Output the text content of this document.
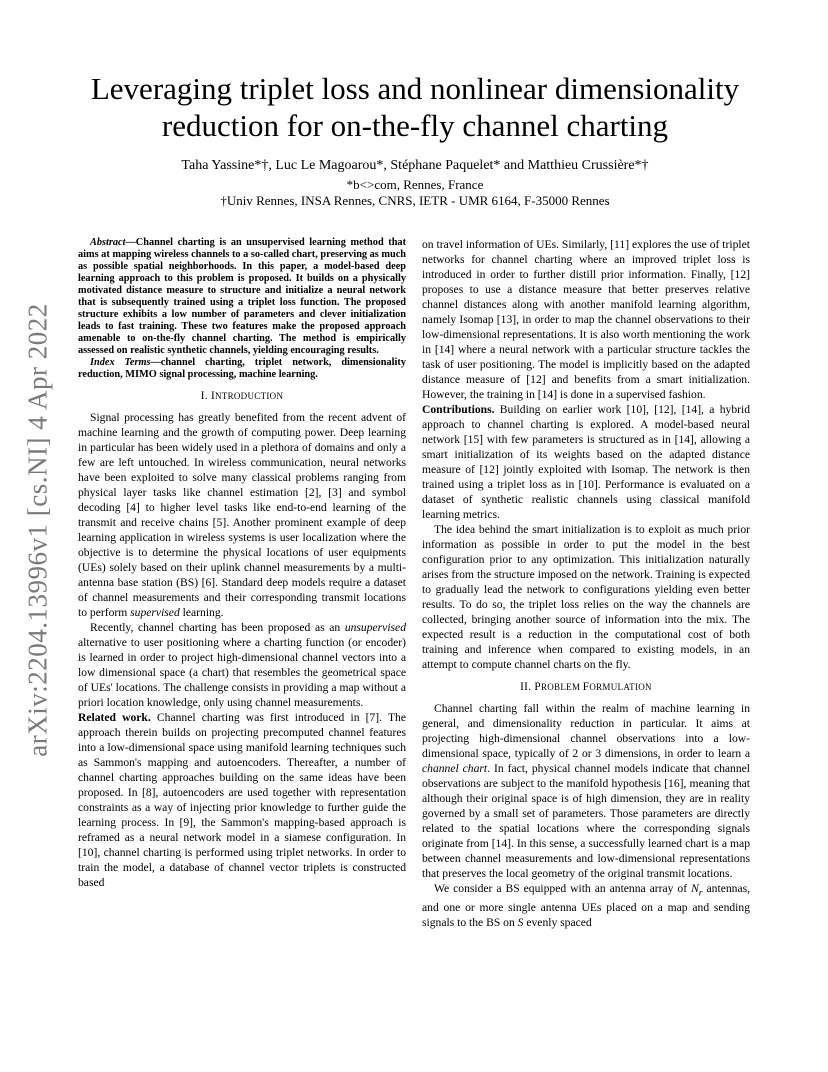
arXiv:2204.13996v1 [cs.NI] 4 Apr 2022
Leveraging triplet loss and nonlinear dimensionality
reduction for on-the-fly channel charting
Taha Yassine*†, Luc Le Magoarou*, Stéphane Paquelet* and Matthieu Crussière*†
*b<>com, Rennes, France
†Univ Rennes, INSA Rennes, CNRS, IETR - UMR 6164, F-35000 Rennes

Abstract—Channel charting is an unsupervised learning method that aims at mapping wireless channels to a so-called chart, preserving as much as possible spatial neighborhoods. In this paper, a model-based deep learning approach to this problem is proposed. It builds on a physically motivated distance measure to structure and initialize a neural network that is subsequently trained using a triplet loss function. The proposed structure exhibits a low number of parameters and clever initialization leads to fast training. These two features make the proposed approach amenable to on-the-fly channel charting. The method is empirically assessed on realistic synthetic channels, yielding encouraging results.

Index Terms—channel charting, triplet network, dimensionality reduction, MIMO signal processing, machine learning.

I. INTRODUCTION

Signal processing has greatly benefited from the recent advent of machine learning and the growth of computing power. Deep learning in particular has been widely used in a plethora of domains and only a few are left untouched. In wireless communication, neural networks have been exploited to solve many classical problems ranging from physical layer tasks like channel estimation [2], [3] and symbol decoding [4] to higher level tasks like end-to-end learning of the transmit and receive chains [5]. Another prominent example of deep learning application in wireless systems is user localization where the objective is to determine the physical locations of user equipments (UEs) solely based on their uplink channel measurements by a multi-antenna base station (BS) [6]. Standard deep models require a dataset of channel measurements and their corresponding transmit locations to perform supervised learning.

Recently, channel charting has been proposed as an unsupervised alternative to user positioning where a charting function (or encoder) is learned in order to project high-dimensional channel vectors into a low dimensional space (a chart) that resembles the geometrical space of UEs' locations. The challenge consists in providing a map without a priori location knowledge, only using channel measurements.

Related work. Channel charting was first introduced in [7]. The approach therein builds on projecting precomputed channel features into a low-dimensional space using manifold learning techniques such as Sammon's mapping and autoencoders. Thereafter, a number of channel charting approaches building on the same ideas have been proposed. In [8], autoencoders are used together with representation constraints as a way of injecting prior knowledge to further guide the learning process. In [9], the Sammon's mapping-based approach is reframed as a neural network model in a siamese configuration. In [10], channel charting is performed using triplet networks. In order to train the model, a database of channel vector triplets is constructed based

on travel information of UEs. Similarly, [11] explores the use of triplet networks for channel charting where an improved triplet loss is introduced in order to further distill prior information. Finally, [12] proposes to use a distance measure that better preserves relative channel distances along with another manifold learning algorithm, namely Isomap [13], in order to map the channel observations to their low-dimensional representations. It is also worth mentioning the work in [14] where a neural network with a particular structure tackles the task of user positioning. The model is implicitly based on the adapted distance measure of [12] and benefits from a smart initialization. However, the training in [14] is done in a supervised fashion.

Contributions. Building on earlier work [10], [12], [14], a hybrid approach to channel charting is explored. A model-based neural network [15] with few parameters is structured as in [14], allowing a smart initialization of its weights based on the adapted distance measure of [12] jointly exploited with Isomap. The network is then trained using a triplet loss as in [10]. Performance is evaluated on a dataset of synthetic realistic channels using classical manifold learning metrics.

The idea behind the smart initialization is to exploit as much prior information as possible in order to put the model in the best configuration prior to any optimization. This initialization naturally arises from the structure imposed on the network. Training is expected to gradually lead the network to configurations yielding even better results. To do so, the triplet loss relies on the way the channels are collected, bringing another source of information into the mix. The expected result is a reduction in the computational cost of both training and inference when compared to existing models, in an attempt to compute channel charts on the fly.

II. PROBLEM FORMULATION

Channel charting fall within the realm of machine learning in general, and dimensionality reduction in particular. It aims at projecting high-dimensional channel observations into a low-dimensional space, typically of 2 or 3 dimensions, in order to learn a channel chart. In fact, physical channel models indicate that channel observations are subject to the manifold hypothesis [16], meaning that although their original space is of high dimension, they are in reality governed by a small set of parameters. Those parameters are directly related to the spatial locations where the corresponding signals originate from [14]. In this sense, a successfully learned chart is a map between channel measurements and low-dimensional representations that preserves the local geometry of the original transmit locations.

We consider a BS equipped with an antenna array of $N_r$ antennas, and one or more single antenna UEs placed on a map and sending signals to the BS on S evenly spaced
